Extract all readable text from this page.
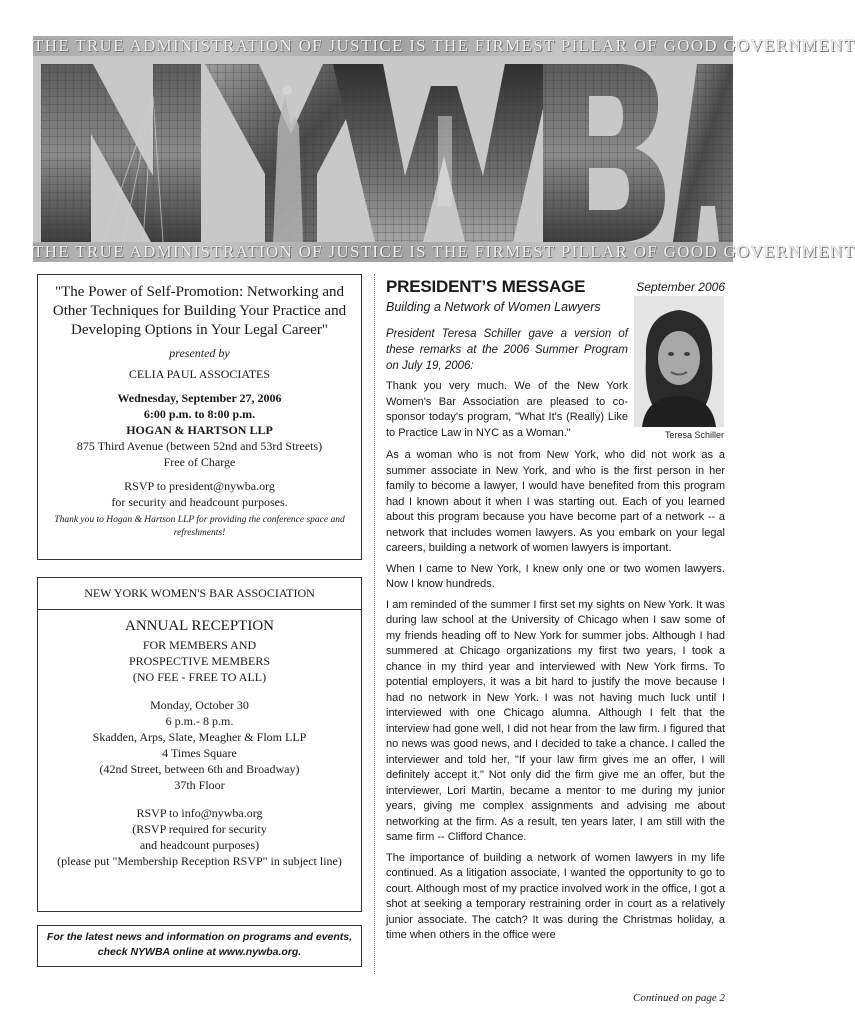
THE TRUE ADMINISTRATION OF JUSTICE IS THE FIRMEST PILLAR OF GOOD GOVERNMENT
THE TRUE ADMINISTRATION OF JUSTICE IS THE FIRMEST PILLAR OF GOOD GOVERNMENT
"The Power of Self-Promotion: Networking and Other Techniques for Building Your Practice and Developing Options in Your Legal Career"
presented by
CELIA PAUL ASSOCIATES
Wednesday, September 27, 2006
6:00 p.m. to 8:00 p.m.
HOGAN & HARTSON LLP
875 Third Avenue (between 52nd and 53rd Streets)
Free of Charge
RSVP to president@nywba.org
for security and headcount purposes.
Thank you to Hogan & Hartson LLP for providing the conference space and refreshments!
NEW YORK WOMEN'S BAR ASSOCIATION
ANNUAL RECEPTION
FOR MEMBERS AND
PROSPECTIVE MEMBERS
(NO FEE - FREE TO ALL)
Monday, October 30
6 p.m.- 8 p.m.
Skadden, Arps, Slate, Meagher & Flom LLP
4 Times Square
(42nd Street, between 6th and Broadway)
37th Floor
RSVP to info@nywba.org
(RSVP required for security
and headcount purposes)
(please put "Membership Reception RSVP" in subject line)
For the latest news and information on programs and events, check NYWBA online at www.nywba.org.
PRESIDENT’S MESSAGE	September 2006
Building a Network of Women Lawyers
President Teresa Schiller gave a version of these remarks at the 2006 Summer Program on July 19, 2006:
Thank you very much. We of the New York Women's Bar Association are pleased to co-sponsor today's program, "What It's (Really) Like to Practice Law in NYC as a Woman."	Teresa Schiller

As a woman who is not from New York, who did not work as a summer associate in New York, and who is the first person in her family to become a lawyer, I would have benefited from this program had I known about it when I was starting out. Each of you learned about this program because you have become part of a network -- a network that includes women lawyers. As you embark on your legal careers, building a network of women lawyers is important.

When I came to New York, I knew only one or two women lawyers. Now I know hundreds.

I am reminded of the summer I first set my sights on New York. It was during law school at the University of Chicago when I saw some of my friends heading off to New York for summer jobs. Although I had summered at Chicago organizations my first two years, I took a chance in my third year and interviewed with New York firms. To potential employers, it was a bit hard to justify the move because I had no network in New York. I was not having much luck until I interviewed with one Chicago alumna. Although I felt that the interview had gone well, I did not hear from the law firm. I figured that no news was good news, and I decided to take a chance. I called the interviewer and told her, "If your law firm gives me an offer, I will definitely accept it." Not only did the firm give me an offer, but the interviewer, Lori Martin, became a mentor to me during my junior years, giving me complex assignments and advising me about networking at the firm. As a result, ten years later, I am still with the same firm -- Clifford Chance.

The importance of building a network of women lawyers in my life continued. As a litigation associate, I wanted the opportunity to go to court. Although most of my practice involved work in the office, I got a shot at seeking a temporary restraining order in court as a relatively junior associate. The catch? It was during the Christmas holiday, a time when others in the office were

Continued on page 2
